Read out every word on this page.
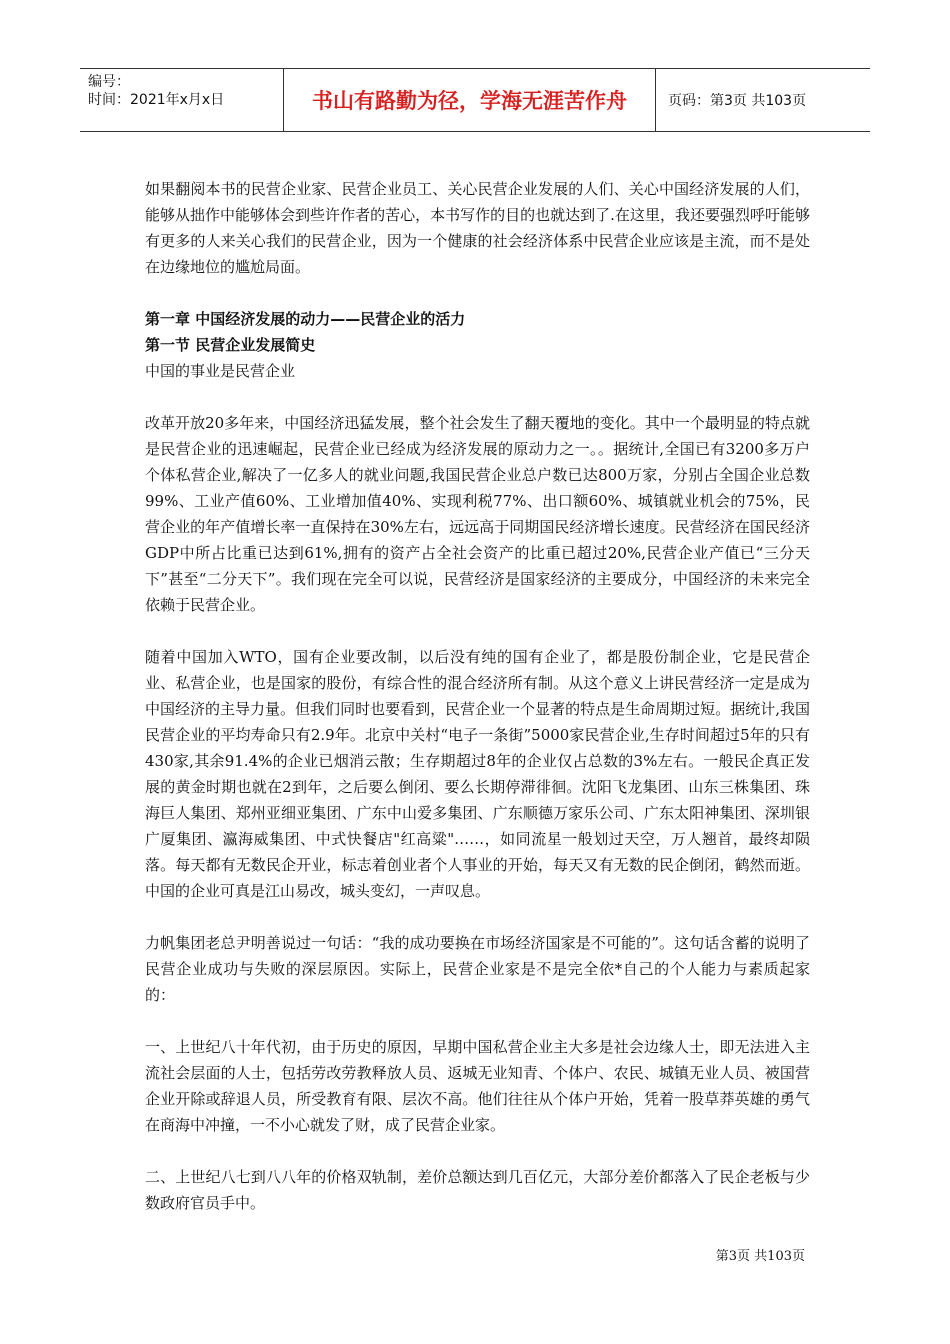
编号：
时间：2021年x月x日	书山有路勤为径，学海无涯苦作舟	页码：第3页 共103页

如果翻阅本书的民营企业家、民营企业员工、关心民营企业发展的人们、关心中国经济发展的人们，能够从拙作中能够体会到些许作者的苦心，本书写作的目的也就达到了.在这里，我还要强烈呼吁能够有更多的人来关心我们的民营企业，因为一个健康的社会经济体系中民营企业应该是主流，而不是处在边缘地位的尴尬局面。

第一章 中国经济发展的动力——民营企业的活力

第一节 民营企业发展简史

中国的事业是民营企业

改革开放20多年来，中国经济迅猛发展，整个社会发生了翻天覆地的变化。其中一个最明显的特点就是民营企业的迅速崛起，民营企业已经成为经济发展的原动力之一。。据统计,全国已有3200多万户个体私营企业,解决了一亿多人的就业问题,我国民营企业总户数已达800万家，分别占全国企业总数99%、工业产值60%、工业增加值40%、实现利税77%、出口额60%、城镇就业机会的75%，民营企业的年产值增长率一直保持在30%左右，远远高于同期国民经济增长速度。民营经济在国民经济GDP中所占比重已达到61%,拥有的资产占全社会资产的比重已超过20%,民营企业产值已“三分天下”甚至“二分天下”。我们现在完全可以说，民营经济是国家经济的主要成分，中国经济的未来完全依赖于民营企业。

随着中国加入WTO，国有企业要改制，以后没有纯的国有企业了，都是股份制企业，它是民营企业、私营企业，也是国家的股份，有综合性的混合经济所有制。从这个意义上讲民营经济一定是成为中国经济的主导力量。但我们同时也要看到，民营企业一个显著的特点是生命周期过短。据统计,我国民营企业的平均寿命只有2.9年。北京中关村“电子一条街”5000家民营企业,生存时间超过5年的只有430家,其余91.4%的企业已烟消云散；生存期超过8年的企业仅占总数的3%左右。一般民企真正发展的黄金时期也就在2到年，之后要么倒闭、要么长期停滞徘徊。沈阳飞龙集团、山东三株集团、珠海巨人集团、郑州亚细亚集团、广东中山爱多集团、广东顺德万家乐公司、广东太阳神集团、深圳银广厦集团、瀛海威集团、中式快餐店"红高粱"……，如同流星一般划过天空，万人翘首，最终却陨落。每天都有无数民企开业，标志着创业者个人事业的开始，每天又有无数的民企倒闭，鹤然而逝。中国的企业可真是江山易改，城头变幻，一声叹息。

力帆集团老总尹明善说过一句话：“我的成功要换在市场经济国家是不可能的”。这句话含蓄的说明了民营企业成功与失败的深层原因。实际上，民营企业家是不是完全依*自己的个人能力与素质起家的：

一、上世纪八十年代初，由于历史的原因，早期中国私营企业主大多是社会边缘人士，即无法进入主流社会层面的人士，包括劳改劳教释放人员、返城无业知青、个体户、农民、城镇无业人员、被国营企业开除或辞退人员，所受教育有限、层次不高。他们往往从个体户开始，凭着一股草莽英雄的勇气在商海中冲撞，一不小心就发了财，成了民营企业家。

二、上世纪八七到八八年的价格双轨制，差价总额达到几百亿元，大部分差价都落入了民企老板与少数政府官员手中。

第3页 共103页
